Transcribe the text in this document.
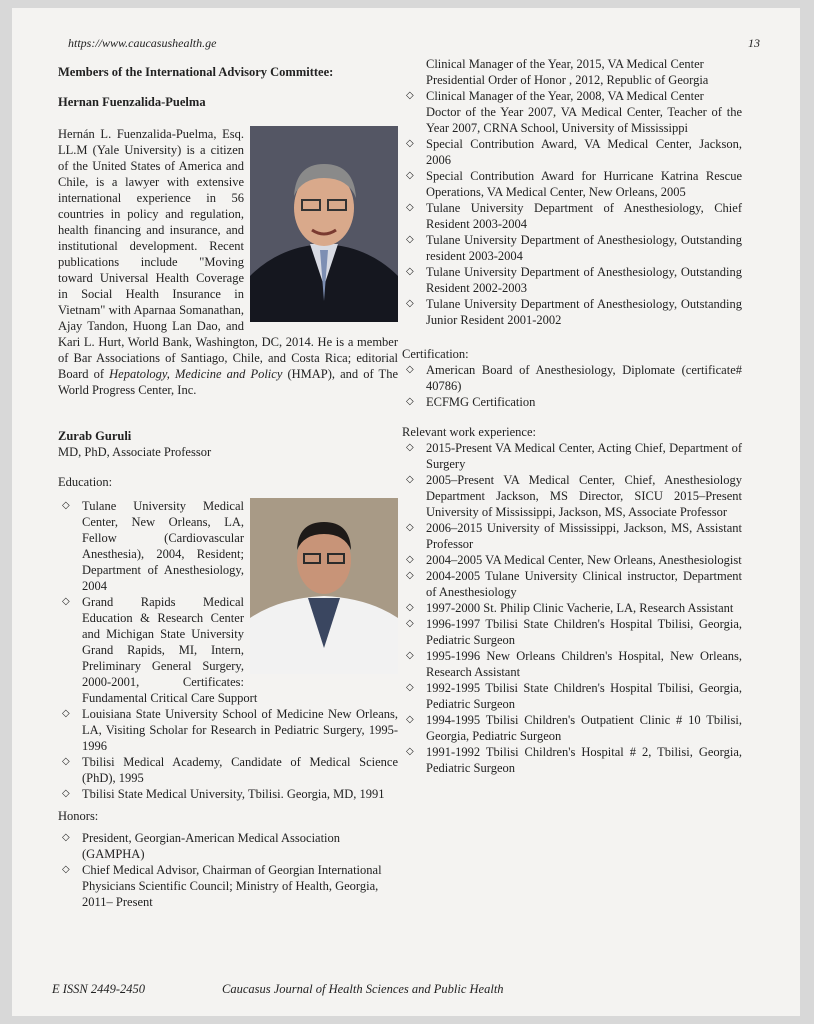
https://www.caucasushealth.ge	13

Members of the International Advisory Committee:

Hernan Fuenzalida-Puelma

Hernán L. Fuenzalida-Puelma, Esq. LL.M (Yale University) is a citizen of the United States of America and Chile, is a lawyer with extensive international experience in 56 countries in policy and regulation, health financing and insurance, and institutional development. Recent publications include "Moving toward Universal Health Coverage in Social Health Insurance in Vietnam" with Aparnaa Somanathan, Ajay Tandon, Huong Lan Dao, and Kari L. Hurt, World Bank, Washington, DC, 2014. He is a member of Bar Associations of Santiago, Chile, and Costa Rica; editorial Board of Hepatology, Medicine and Policy (HMAP), and of The World Progress Center, Inc.

Zurab Guruli

MD, PhD, Associate Professor

Education:

◇ Tulane University Medical Center, New Orleans, LA, Fellow (Cardiovascular Anesthesia), 2004, Resident; Department of Anesthesiology, 2004
◇ Grand Rapids Medical Education & Research Center and Michigan State University Grand Rapids, MI, Intern, Preliminary General Surgery, 2000-2001, Certificates: Fundamental Critical Care Support
◇ Louisiana State University School of Medicine New Orleans, LA, Visiting Scholar for Research in Pediatric Surgery, 1995-1996
◇ Tbilisi Medical Academy, Candidate of Medical Science (PhD), 1995
◇ Tbilisi State Medical University, Tbilisi. Georgia, MD, 1991

Honors:

◇ President, Georgian-American Medical Association (GAMPHA)
◇ Chief Medical Advisor, Chairman of Georgian International Physicians Scientific Council; Ministry of Health, Georgia, 2011– Present
Clinical Manager of the Year, 2015, VA Medical Center
Presidential Order of Honor , 2012, Republic of Georgia
◇ Clinical Manager of the Year, 2008, VA Medical Center
Doctor of the Year 2007, VA Medical Center, Teacher of the Year 2007, CRNA School, University of Mississippi
◇ Special Contribution Award, VA Medical Center, Jackson, 2006
◇ Special Contribution Award for Hurricane Katrina Rescue Operations, VA Medical Center, New Orleans, 2005
◇ Tulane University Department of Anesthesiology, Chief Resident 2003-2004
◇ Tulane University Department of Anesthesiology, Outstanding resident 2003-2004
◇ Tulane University Department of Anesthesiology, Outstanding Resident 2002-2003
◇ Tulane University Department of Anesthesiology, Outstanding Junior Resident 2001-2002

Certification:

◇ American Board of Anesthesiology, Diplomate (certificate# 40786)
◇ ECFMG Certification

Relevant work experience:

◇ 2015-Present VA Medical Center, Acting Chief, Department of Surgery
◇ 2005–Present VA Medical Center, Chief, Anesthesiology Department Jackson, MS Director, SICU 2015–Present University of Mississippi, Jackson, MS, Associate Professor
◇ 2006–2015 University of Mississippi, Jackson, MS, Assistant Professor
◇ 2004–2005 VA Medical Center, New Orleans, Anesthesiologist
◇ 2004-2005 Tulane University Clinical instructor, Department of Anesthesiology
◇ 1997-2000 St. Philip Clinic Vacherie, LA, Research Assistant
◇ 1996-1997 Tbilisi State Children's Hospital Tbilisi, Georgia, Pediatric Surgeon
◇ 1995-1996 New Orleans Children's Hospital, New Orleans, Research Assistant
◇ 1992-1995 Tbilisi State Children's Hospital Tbilisi, Georgia, Pediatric Surgeon
◇ 1994-1995 Tbilisi Children's Outpatient Clinic # 10 Tbilisi, Georgia, Pediatric Surgeon
◇ 1991-1992 Tbilisi Children's Hospital # 2, Tbilisi, Georgia, Pediatric Surgeon
E ISSN 2449-2450	Caucasus Journal of Health Sciences and Public Health
